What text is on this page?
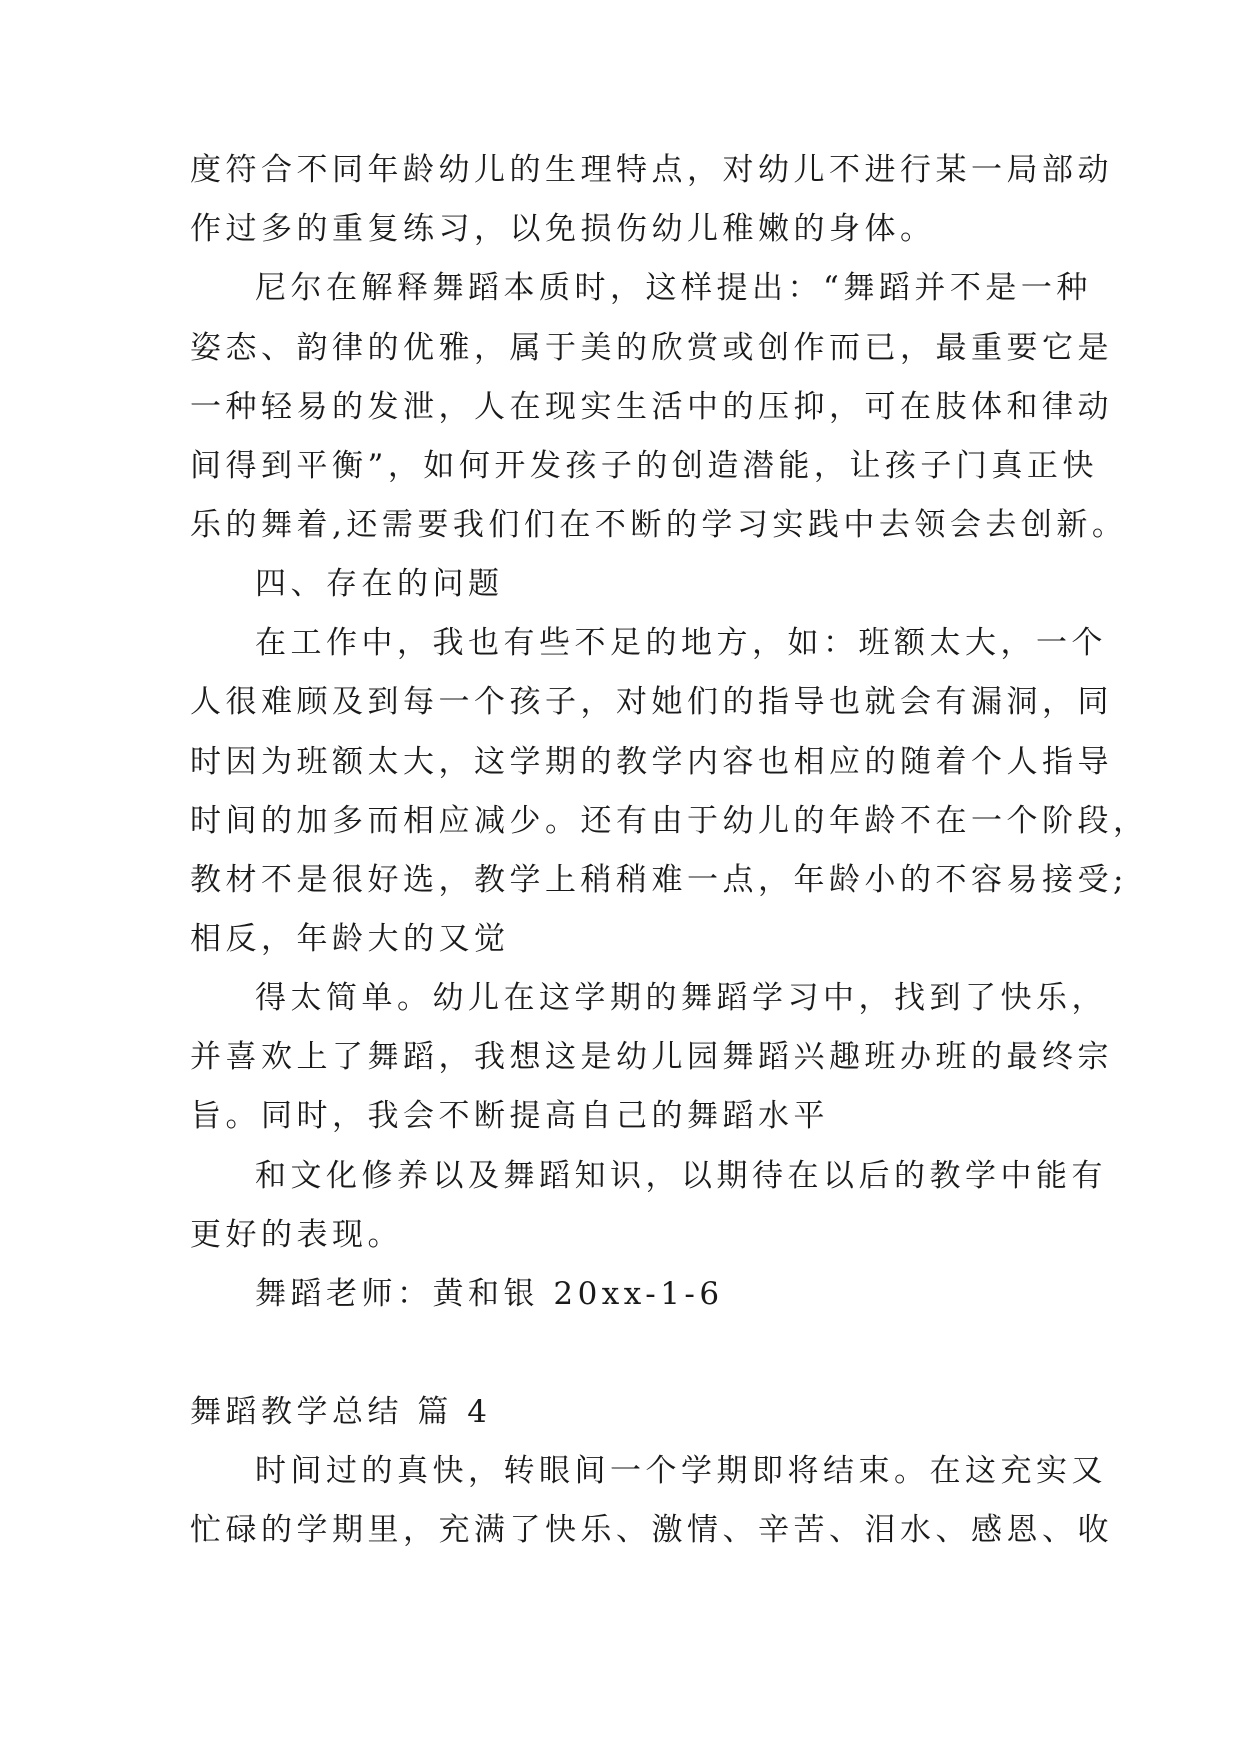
度符合不同年龄幼儿的生理特点，对幼儿不进行某一局部动
作过多的重复练习，以免损伤幼儿稚嫩的身体。
尼尔在解释舞蹈本质时，这样提出：“舞蹈并不是一种
姿态、韵律的优雅，属于美的欣赏或创作而已，最重要它是
一种轻易的发泄，人在现实生活中的压抑，可在肢体和律动
间得到平衡”，如何开发孩子的创造潜能，让孩子门真正快
乐的舞着,还需要我们们在不断的学习实践中去领会去创新。
四、存在的问题
在工作中，我也有些不足的地方，如：班额太大，一个
人很难顾及到每一个孩子，对她们的指导也就会有漏洞，同
时因为班额太大，这学期的教学内容也相应的随着个人指导
时间的加多而相应减少。还有由于幼儿的年龄不在一个阶段，
教材不是很好选，教学上稍稍难一点，年龄小的不容易接受;
相反，年龄大的又觉
得太简单。幼儿在这学期的舞蹈学习中，找到了快乐，
并喜欢上了舞蹈，我想这是幼儿园舞蹈兴趣班办班的最终宗
旨。同时，我会不断提高自己的舞蹈水平
和文化修养以及舞蹈知识，以期待在以后的教学中能有
更好的表现。
舞蹈老师：黄和银 20xx-1-6
舞蹈教学总结 篇 4
时间过的真快，转眼间一个学期即将结束。在这充实又
忙碌的学期里，充满了快乐、激情、辛苦、泪水、感恩、收
